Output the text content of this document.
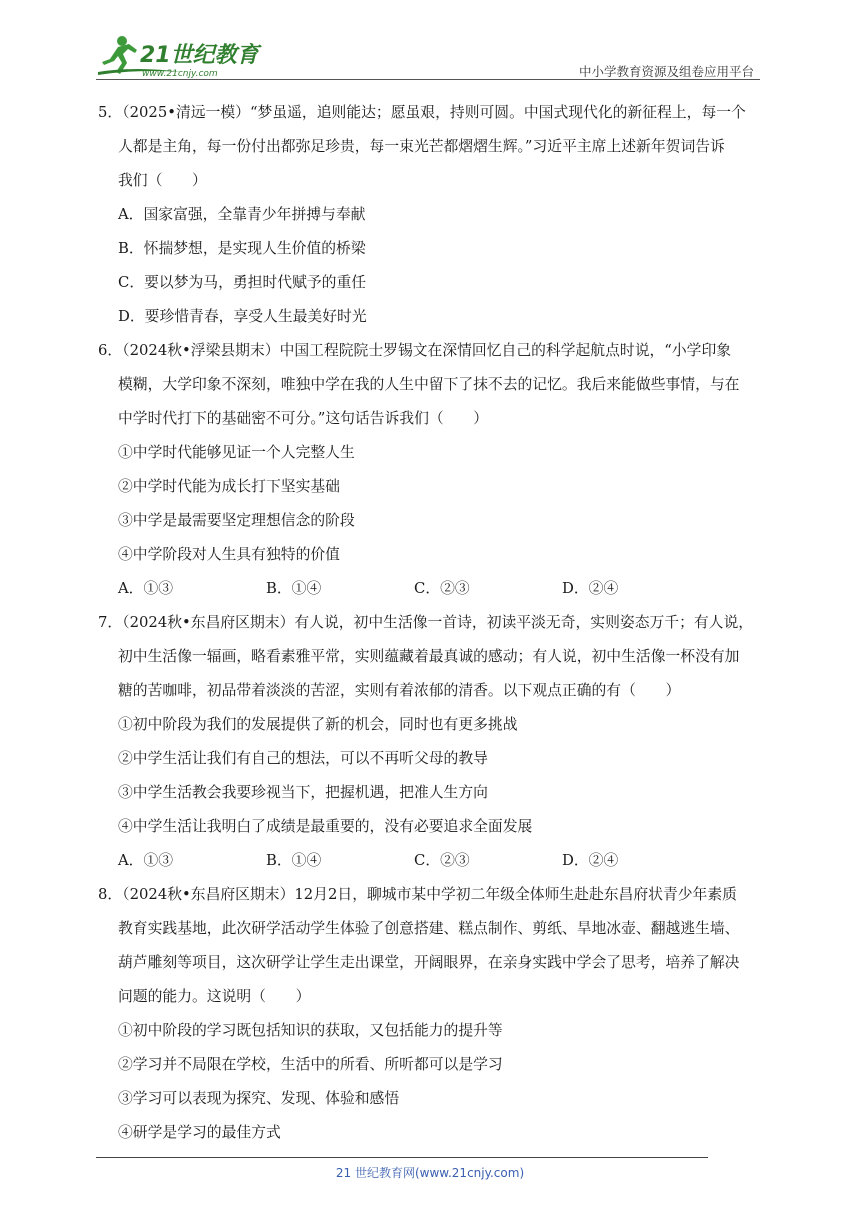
21世纪教育
www.21cnjy.com	中小学教育资源及组卷应用平台
5．（2025•清远一模）“梦虽遥，追则能达；愿虽艰，持则可圆。中国式现代化的新征程上，每一个
人都是主角，每一份付出都弥足珍贵，每一束光芒都熠熠生辉。”习近平主席上述新年贺词告诉
我们（　　）
A．国家富强，全靠青少年拼搏与奉献
B．怀揣梦想，是实现人生价值的桥梁
C．要以梦为马，勇担时代赋予的重任
D．要珍惜青春，享受人生最美好时光
6．（2024秋•浮梁县期末）中国工程院院士罗锡文在深情回忆自己的科学起航点时说，“小学印象
模糊，大学印象不深刻，唯独中学在我的人生中留下了抹不去的记忆。我后来能做些事情，与在
中学时代打下的基础密不可分。”这句话告诉我们（　　）
①中学时代能够见证一个人完整人生
②中学时代能为成长打下坚实基础
③中学是最需要坚定理想信念的阶段
④中学阶段对人生具有独特的价值
A．①③	B．①④	C．②③	D．②④
7．（2024秋•东昌府区期末）有人说，初中生活像一首诗，初读平淡无奇，实则姿态万千；有人说，
初中生活像一辐画，略看素雅平常，实则蕴藏着最真诚的感动；有人说，初中生活像一杯没有加
糖的苦咖啡，初品带着淡淡的苦涩，实则有着浓郁的清香。以下观点正确的有（　　）
①初中阶段为我们的发展提供了新的机会，同时也有更多挑战
②中学生活让我们有自己的想法，可以不再听父母的教导
③中学生活教会我要珍视当下，把握机遇，把准人生方向
④中学生活让我明白了成绩是最重要的，没有必要追求全面发展
A．①③	B．①④	C．②③	D．②④
8．（2024秋•东昌府区期末）12月2日，聊城市某中学初二年级全体师生赴赴东昌府状青少年素质
教育实践基地，此次研学活动学生体验了创意搭建、糕点制作、剪纸、旱地冰壶、翻越逃生墙、
葫芦雕刻等项目，这次研学让学生走出课堂，开阔眼界，在亲身实践中学会了思考，培养了解决
问题的能力。这说明（　　）
①初中阶段的学习既包括知识的获取，又包括能力的提升等
②学习并不局限在学校，生活中的所看、所听都可以是学习
③学习可以表现为探究、发现、体验和感悟
④研学是学习的最佳方式
21 世纪教育网(www.21cnjy.com)
